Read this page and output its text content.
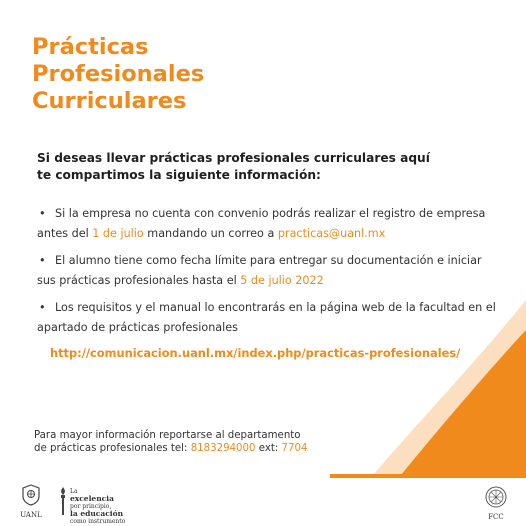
Prácticas
Profesionales
Curriculares

Si deseas llevar prácticas profesionales curriculares aquí
te compartimos la siguiente información:

• Si la empresa no cuenta con convenio podrás realizar el registro de empresa antes del 1 de julio mandando un correo a practicas@uanl.mx
• El alumno tiene como fecha límite para entregar su documentación e iniciar sus prácticas profesionales hasta el 5 de julio 2022
• Los requisitos y el manual lo encontrarás en la página web de la facultad en el apartado de prácticas profesionales

http://comunicacion.uanl.mx/index.php/practicas-profesionales/

Para mayor información reportarse al departamento
de prácticas profesionales tel: 8183294000 ext: 7704

UANL
La
excelencia
por principio,
la educación
como instrumento
FCC
